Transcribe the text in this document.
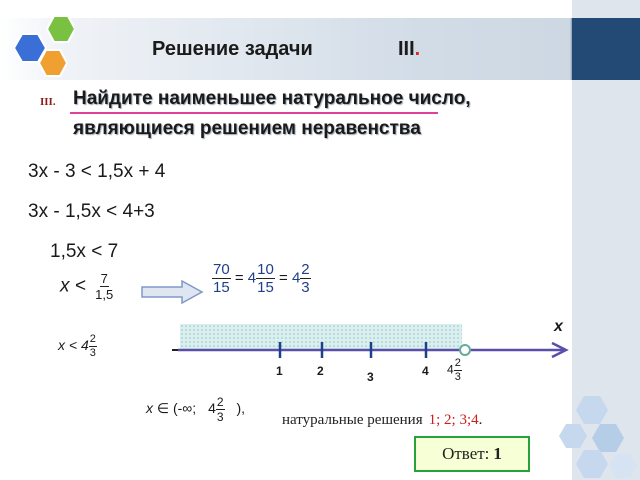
Решение задачи	III.
III. Найдите наименьшее натуральное число,
являющиеся решением неравенства
3x - 3 < 1,5x + 4
3x - 1,5x < 4+3
1,5x < 7
$x < \frac{7}{1,5}$	$\frac{70}{15} = 4 \frac{10}{15} = 4 \frac{2}{3}$
$x < 4 \frac{2}{3}$
x
1	2	3	4 $4 \frac{2}{3}$
x ∈ (-∞; $4 \frac{2}{3}$ ),
натуральные решения 1; 2; 3;4.
Ответ: 1
